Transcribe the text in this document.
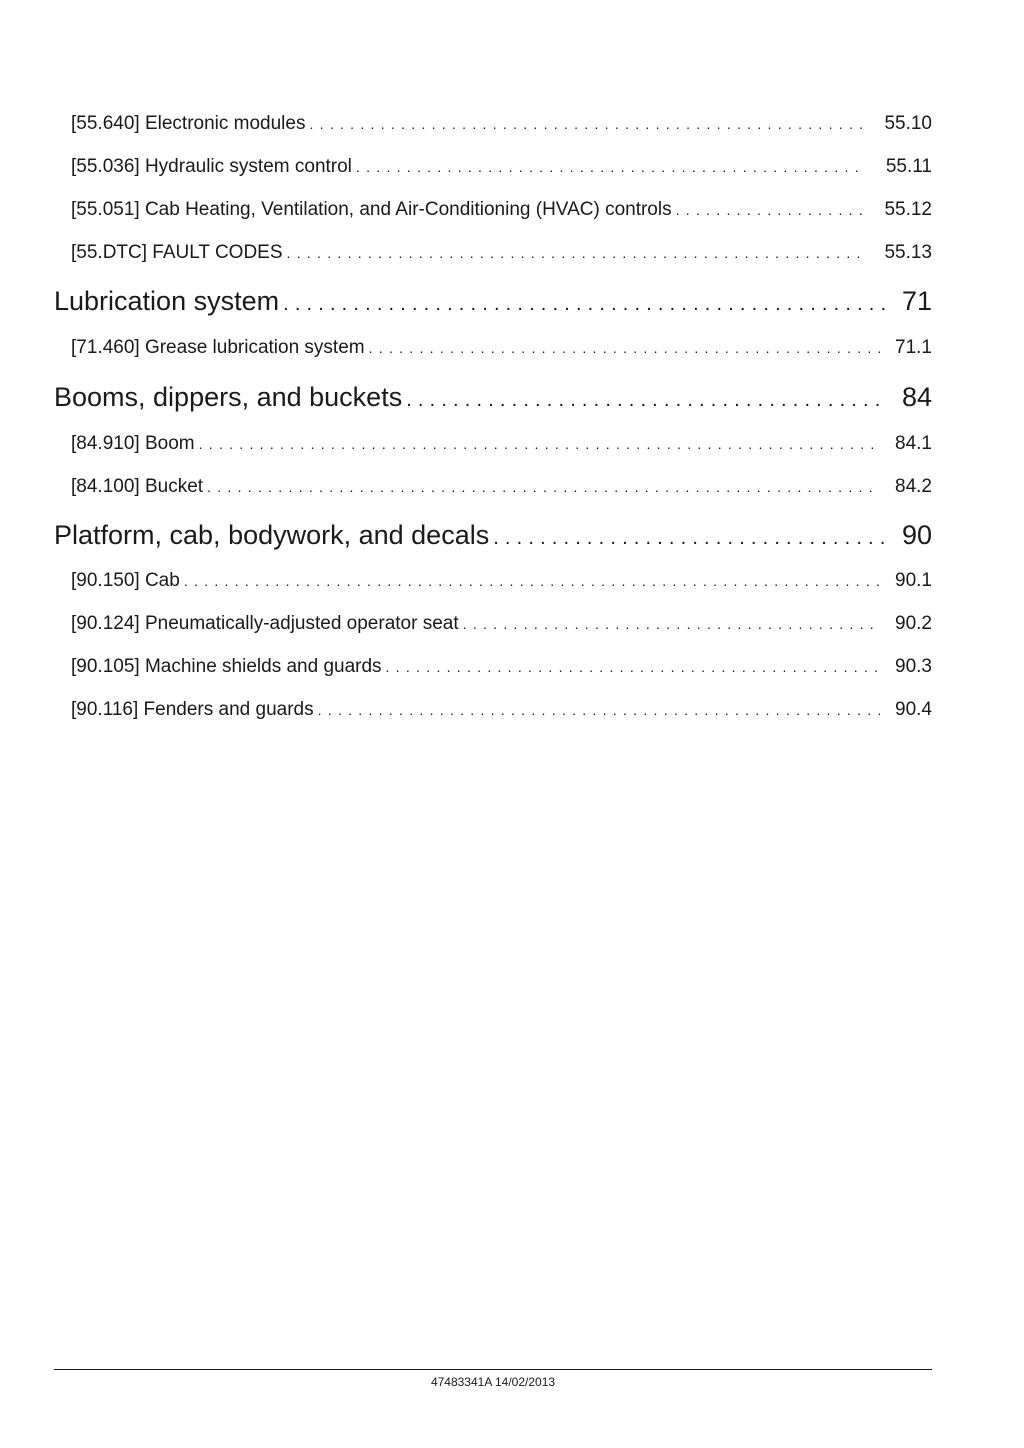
[55.640] Electronic modules . . .	55.10
[55.036] Hydraulic system control . . .	55.11
[55.051] Cab Heating, Ventilation, and Air-Conditioning (HVAC) controls . . .	55.12
[55.DTC] FAULT CODES . . .	55.13
Lubrication system . . .	71
[71.460] Grease lubrication system . . .	71.1
Booms, dippers, and buckets . . .	84
[84.910] Boom . . .	84.1
[84.100] Bucket . . .	84.2
Platform, cab, bodywork, and decals . . .	90
[90.150] Cab . . .	90.1
[90.124] Pneumatically-adjusted operator seat . . .	90.2
[90.105] Machine shields and guards . . .	90.3
[90.116] Fenders and guards . . .	90.4
47483341A 14/02/2013
